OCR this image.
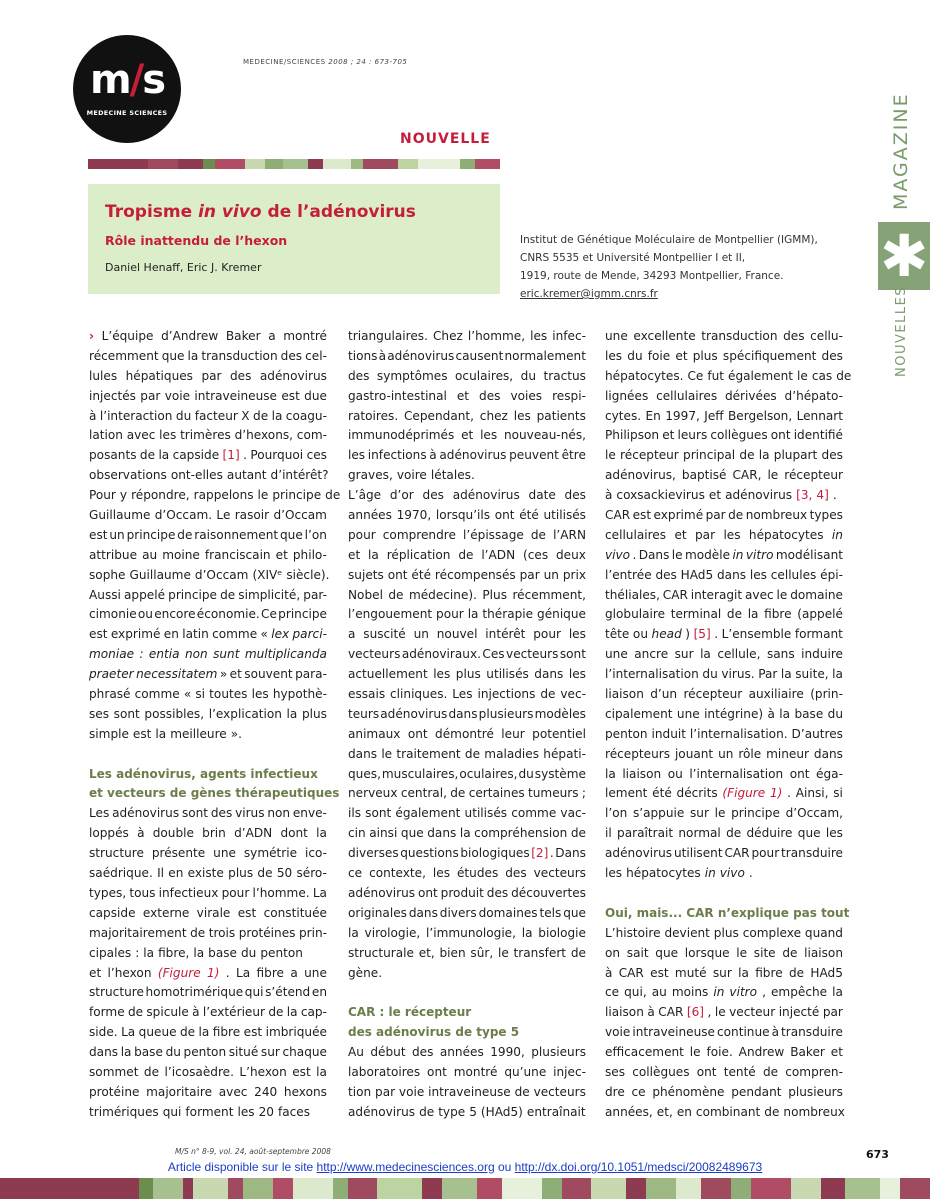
m/s
MEDECINE SCIENCES
MEDECINE/SCIENCES 2008 ; 24 : 673-705
NOUVELLE
Tropisme in vivo de l’adénovirus
Rôle inattendu de l’hexon
Daniel Henaff, Eric J. Kremer
Institut de Génétique Moléculaire de Montpellier (IGMM),
CNRS 5535 et Université Montpellier I et II,
1919, route de Mende, 34293 Montpellier, France.
eric.kremer@igmm.cnrs.fr
MAGAZINE
✱
NOUVELLES
› L’équipe d’Andrew Baker a montré
récemment que la transduction des cel-
lules hépatiques par des adénovirus
injectés par voie intraveineuse est due
à l’interaction du facteur X de la coagu-
lation avec les trimères d’hexons, com-
posants de la capside [1] . Pourquoi ces
observations ont-elles autant d’intérêt?
Pour y répondre, rappelons le principe de
Guillaume d’Occam. Le rasoir d’Occam
est un principe de raisonnement que l’on
attribue au moine franciscain et philo-
sophe Guillaume d’Occam (XIVᵉ siècle).
Aussi appelé principe de simplicité, par-
cimonie ou encore économie. Ce principe
est exprimé en latin comme « lex parci-
moniae : entia non sunt multiplicanda
praeter necessitatem » et souvent para-
phrasé comme « si toutes les hypothè-
ses sont possibles, l’explication la plus
simple est la meilleure ».
Les adénovirus, agents infectieux
et vecteurs de gènes thérapeutiques
Les adénovirus sont des virus non enve-
loppés à double brin d’ADN dont la
structure présente une symétrie ico-
saédrique. Il en existe plus de 50 séro-
types, tous infectieux pour l’homme. La
capside externe virale est constituée
majoritairement de trois protéines prin-
cipales : la fibre, la base du penton
et l’hexon (Figure 1) . La fibre a une
structure homotrimérique qui s’étend en
forme de spicule à l’extérieur de la cap-
side. La queue de la fibre est imbriquée
dans la base du penton situé sur chaque
sommet de l’icosaèdre. L’hexon est la
protéine majoritaire avec 240 hexons
trimériques qui forment les 20 faces
triangulaires. Chez l’homme, les infec-
tions à adénovirus causent normalement
des symptômes oculaires, du tractus
gastro-intestinal et des voies respi-
ratoires. Cependant, chez les patients
immunodéprimés et les nouveau-nés,
les infections à adénovirus peuvent être
graves, voire létales.
L’âge d’or des adénovirus date des
années 1970, lorsqu’ils ont été utilisés
pour comprendre l’épissage de l’ARN
et la réplication de l’ADN (ces deux
sujets ont été récompensés par un prix
Nobel de médecine). Plus récemment,
l’engouement pour la thérapie génique
a suscité un nouvel intérêt pour les
vecteurs adénoviraux. Ces vecteurs sont
actuellement les plus utilisés dans les
essais cliniques. Les injections de vec-
teurs adénovirus dans plusieurs modèles
animaux ont démontré leur potentiel
dans le traitement de maladies hépati-
ques, musculaires, oculaires, du système
nerveux central, de certaines tumeurs ;
ils sont également utilisés comme vac-
cin ainsi que dans la compréhension de
diverses questions biologiques [2] . Dans
ce contexte, les études des vecteurs
adénovirus ont produit des découvertes
originales dans divers domaines tels que
la virologie, l’immunologie, la biologie
structurale et, bien sûr, le transfert de
gène.
CAR : le récepteur
des adénovirus de type 5
Au début des années 1990, plusieurs
laboratoires ont montré qu’une injec-
tion par voie intraveineuse de vecteurs
adénovirus de type 5 (HAd5) entraînait
une excellente transduction des cellu-
les du foie et plus spécifiquement des
hépatocytes. Ce fut également le cas de
lignées cellulaires dérivées d’hépato-
cytes. En 1997, Jeff Bergelson, Lennart
Philipson et leurs collègues ont identifié
le récepteur principal de la plupart des
adénovirus, baptisé CAR, le récepteur
à coxsackievirus et adénovirus [3, 4] .
CAR est exprimé par de nombreux types
cellulaires et par les hépatocytes in
vivo . Dans le modèle in vitro modélisant
l’entrée des HAd5 dans les cellules épi-
théliales, CAR interagit avec le domaine
globulaire terminal de la fibre (appelé
tête ou head ) [5] . L’ensemble formant
une ancre sur la cellule, sans induire
l’internalisation du virus. Par la suite, la
liaison d’un récepteur auxiliaire (prin-
cipalement une intégrine) à la base du
penton induit l’internalisation. D’autres
récepteurs jouant un rôle mineur dans
la liaison ou l’internalisation ont éga-
lement été décrits (Figure 1) . Ainsi, si
l’on s’appuie sur le principe d’Occam,
il paraîtrait normal de déduire que les
adénovirus utilisent CAR pour transduire
les hépatocytes in vivo .
Oui, mais... CAR n’explique pas tout
L’histoire devient plus complexe quand
on sait que lorsque le site de liaison
à CAR est muté sur la fibre de HAd5
ce qui, au moins in vitro , empêche la
liaison à CAR [6] , le vecteur injecté par
voie intraveineuse continue à transduire
efficacement le foie. Andrew Baker et
ses collègues ont tenté de compren-
dre ce phénomène pendant plusieurs
années, et, en combinant de nombreux
M/S n° 8-9, vol. 24, août-septembre 2008	673
Article disponible sur le site http://www.medecinesciences.org ou http://dx.doi.org/10.1051/medsci/20082489673
